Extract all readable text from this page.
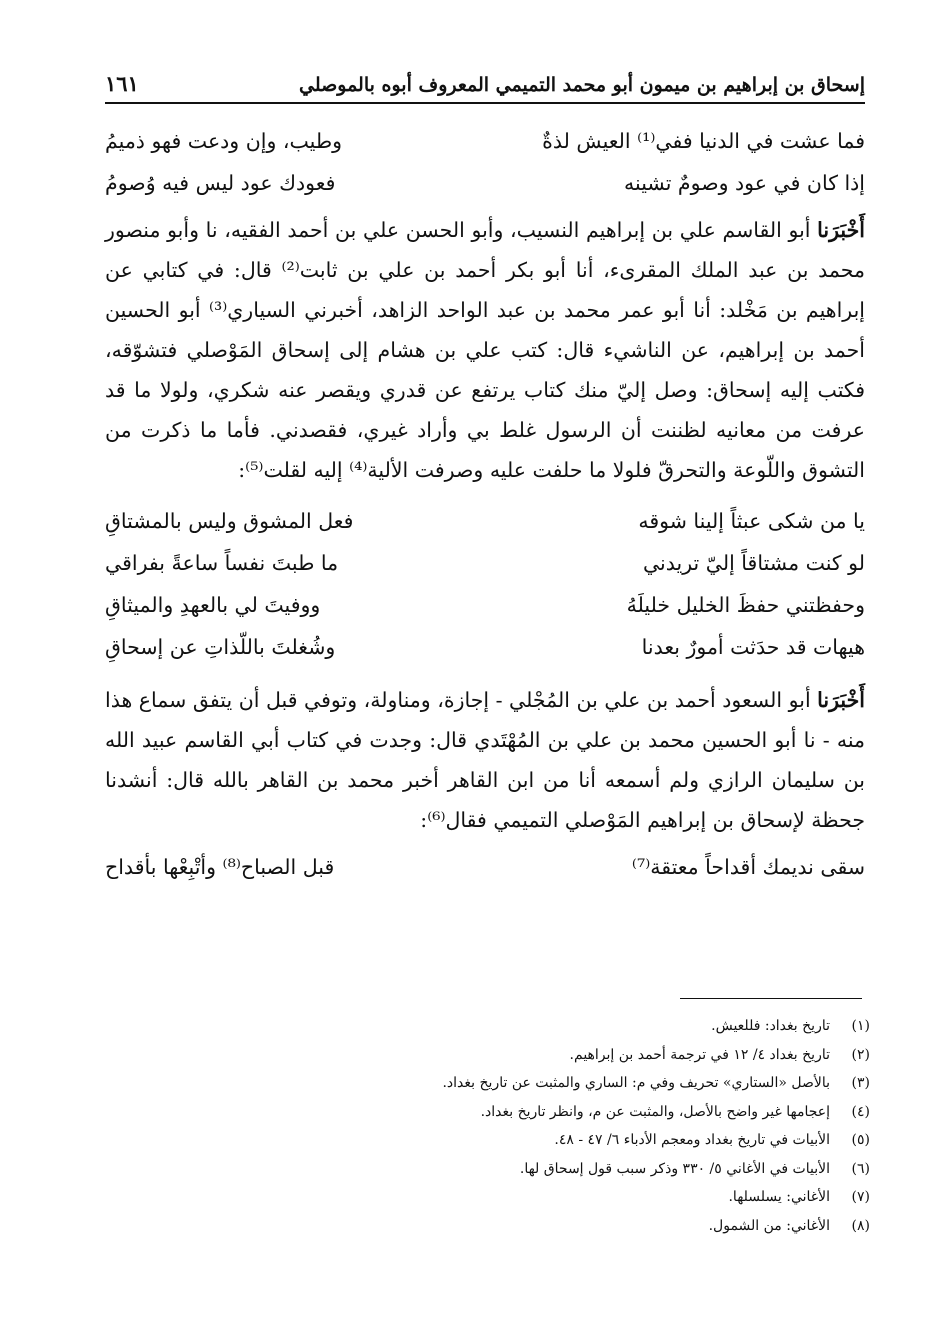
إسحاق بن إبراهيم بن ميمون أبو محمد التميمي المعروف أبوه بالموصلي
١٦١
فما عشت في الدنيا ففي⁽¹⁾ العيش لذةٌ
وطيب، وإن ودعت فهو ذميمُ
إذا كان في عود وصومٌ تشينه
فعودك عود ليس فيه وُصومُ

أَخْبَرَنا أبو القاسم علي بن إبراهيم النسيب، وأبو الحسن علي بن أحمد الفقيه، نا وأبو منصور محمد بن عبد الملك المقرىء، أنا أبو بكر أحمد بن علي بن ثابت⁽²⁾ قال: في كتابي عن إبراهيم بن مَخْلد: أنا أبو عمر محمد بن عبد الواحد الزاهد، أخبرني السياري⁽³⁾ أبو الحسين أحمد بن إبراهيم، عن الناشيء قال: كتب علي بن هشام إلى إسحاق المَوْصلي فتشوّقه، فكتب إليه إسحاق: وصل إليّ منك كتاب يرتفع عن قدري ويقصر عنه شكري، ولولا ما قد عرفت من معانيه لظننت أن الرسول غلط بي وأراد غيري، فقصدني. فأما ما ذكرت من التشوق واللّوعة والتحرقّ فلولا ما حلفت عليه وصرفت الألية⁽⁴⁾ إليه لقلت⁽⁵⁾:

يا من شكى عبثاً إلينا شوقه
فعل المشوق وليس بالمشتاقِ
لو كنت مشتاقاً إليّ تريدني
ما طبتَ نفساً ساعةً بفراقي
وحفظتني حفظَ الخليل خليلَهُ
ووفيتَ لي بالعهدِ والميثاقِ
هيهات قد حدَثت أمورٌ بعدنا
وشُغلتَ باللّذاتِ عن إسحاقِ

أَخْبَرَنا أبو السعود أحمد بن علي بن المُجْلي - إجازة، ومناولة، وتوفي قبل أن يتفق سماع هذا منه - نا أبو الحسين محمد بن علي بن المُهْتَدي قال: وجدت في كتاب أبي القاسم عبيد الله بن سليمان الرازي ولم أسمعه أنا من ابن القاهر أخبر محمد بن القاهر بالله قال: أنشدنا جحظة لإسحاق بن إبراهيم المَوْصلي التميمي فقال⁽⁶⁾:

سقى نديمك أقداحاً معتقة⁽⁷⁾
قبل الصباح⁽⁸⁾ وأتْبِعْها بأقداح
(١)
تاريخ بغداد: فللعيش.
(٢)
تاريخ بغداد ٤/ ١٢ في ترجمة أحمد بن إبراهيم.
(٣)
بالأصل «الستاري» تحريف وفي م: الساري والمثبت عن تاريخ بغداد.
(٤)
إعجامها غير واضح بالأصل، والمثبت عن م، وانظر تاريخ بغداد.
(٥)
الأبيات في تاريخ بغداد ومعجم الأدباء ٦/ ٤٧ - ٤٨.
(٦)
الأبيات في الأغاني ٥/ ٣٣٠ وذكر سبب قول إسحاق لها.
(٧)
الأغاني: يسلسلها.
(٨)
الأغاني: من الشمول.
